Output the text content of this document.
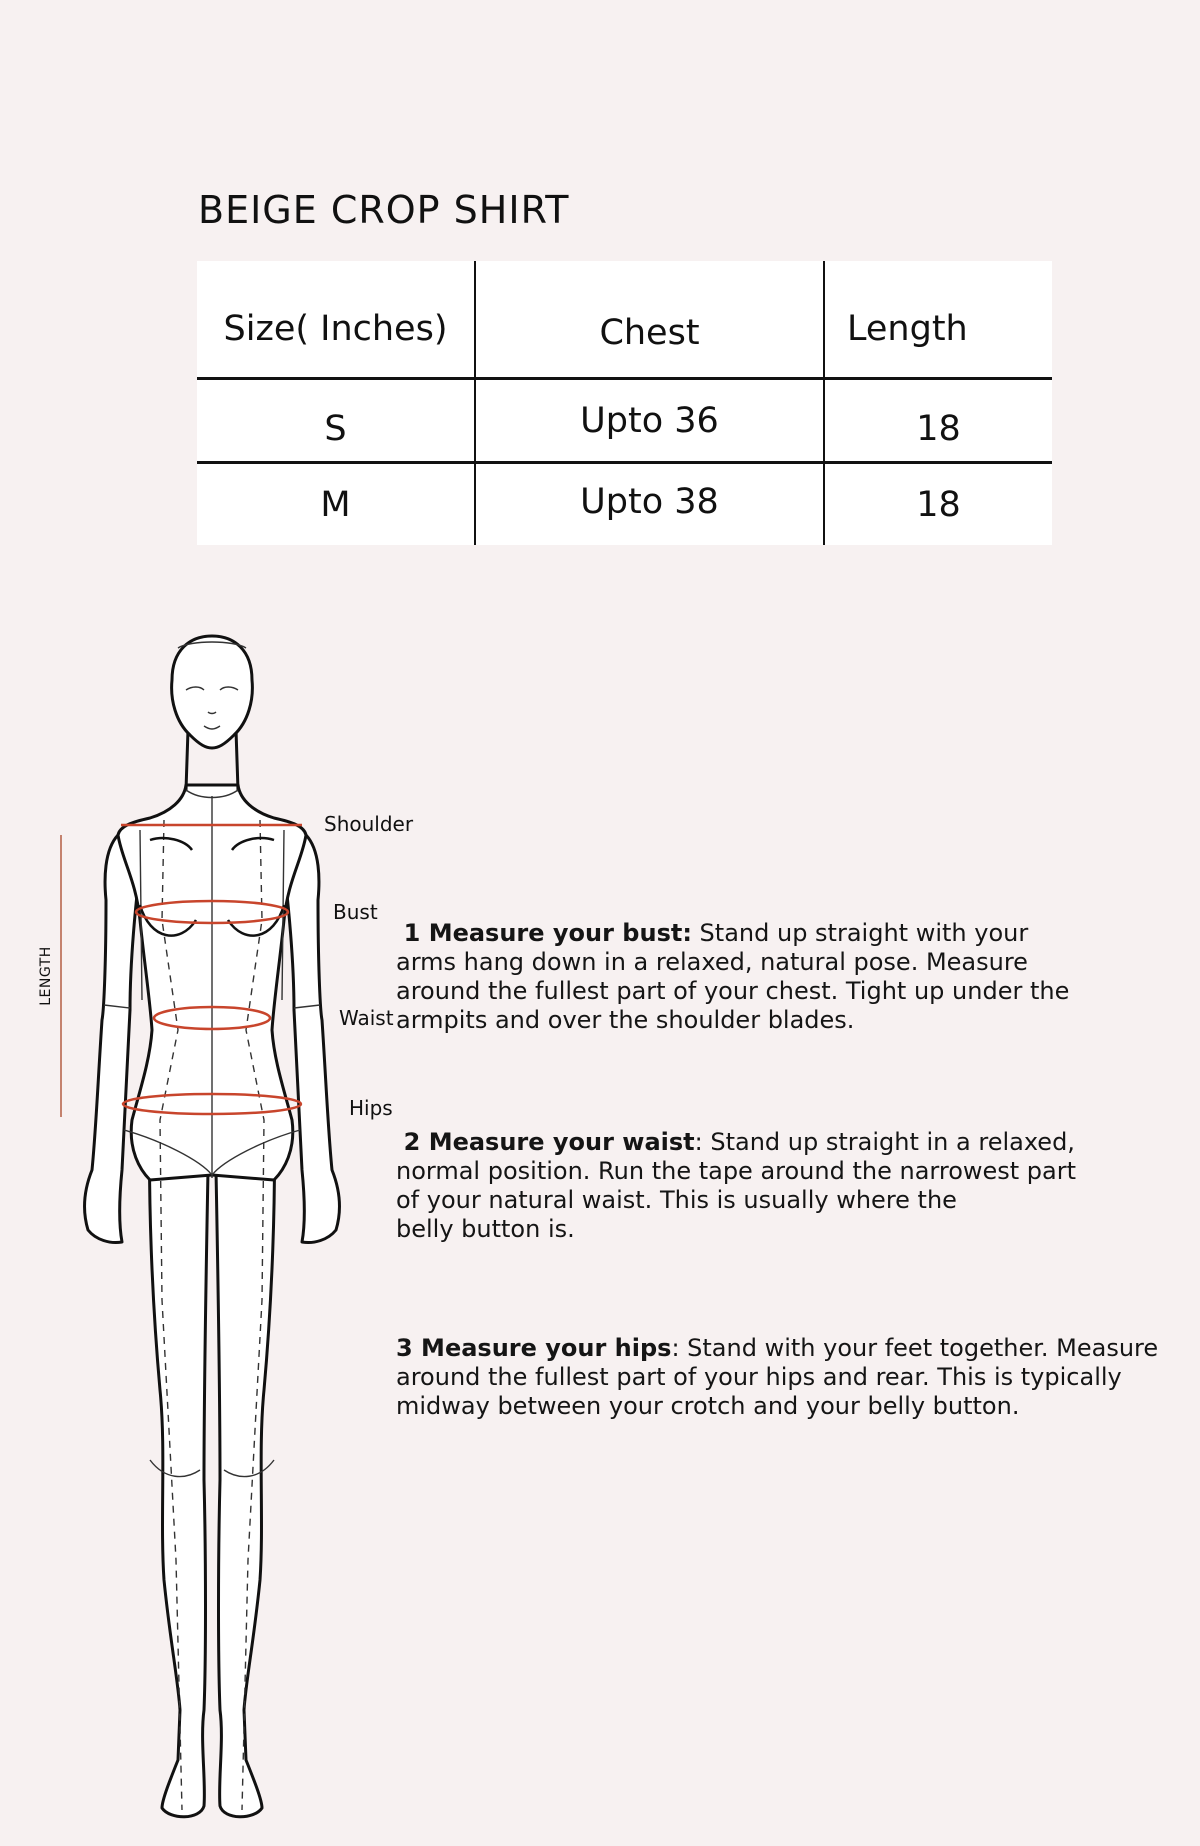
BEIGE CROP SHIRT
Size( Inches)	Chest	Length
S	Upto 36	18
M	Upto 38	18
LENGTH
Shoulder
Bust
Waist
Hips

1 Measure your bust: Stand up straight with your
arms hang down in a relaxed, natural pose. Measure
around the fullest part of your chest. Tight up under the
armpits and over the shoulder blades.

2 Measure your waist: Stand up straight in a relaxed,
normal position. Run the tape around the narrowest part
of your natural waist. This is usually where the
belly button is.

3 Measure your hips: Stand with your feet together. Measure
around the fullest part of your hips and rear. This is typically
midway between your crotch and your belly button.
